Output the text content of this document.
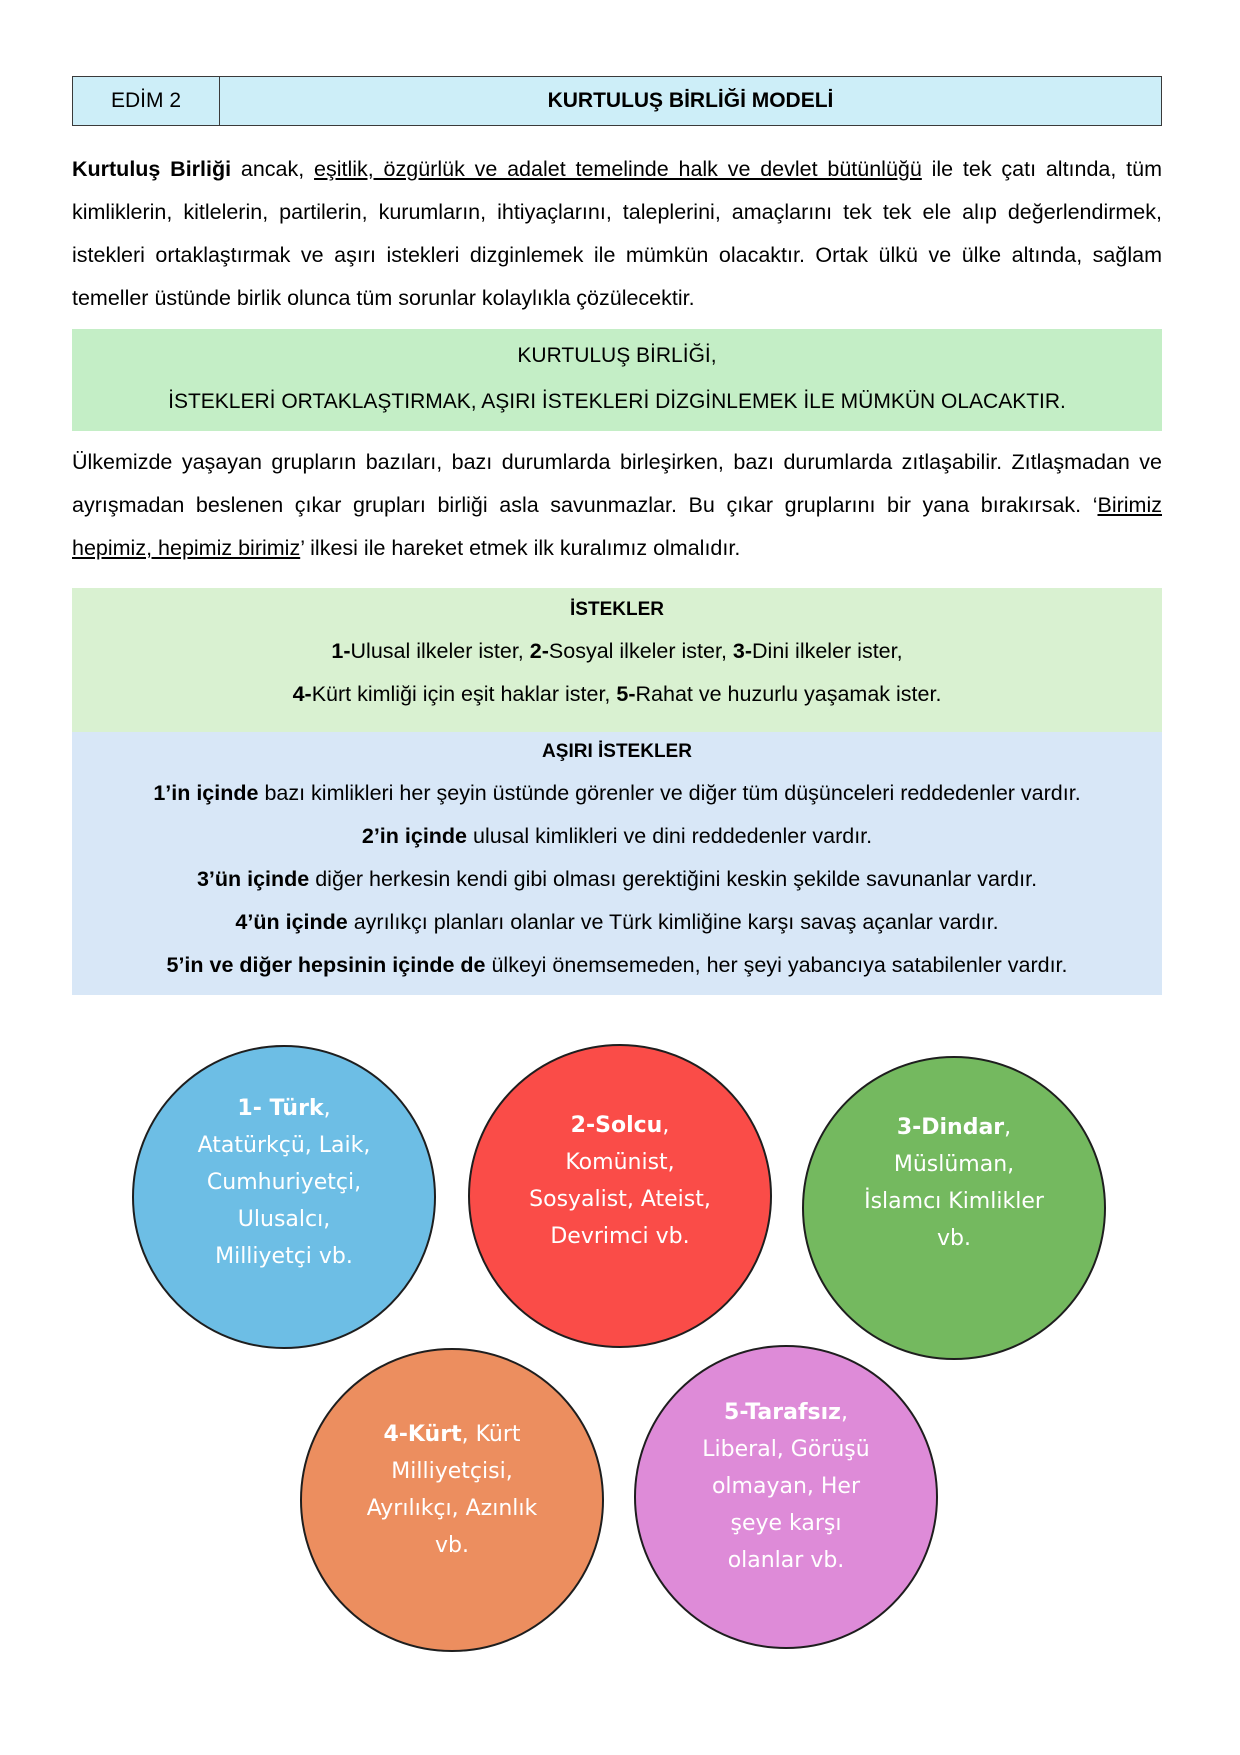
EDİM 2	KURTULUŞ BİRLİĞİ MODELİ
Kurtuluş Birliği ancak, eşitlik, özgürlük ve adalet temelinde halk ve devlet bütünlüğü ile tek çatı altında, tüm kimliklerin, kitlelerin, partilerin, kurumların, ihtiyaçlarını, taleplerini, amaçlarını tek tek ele alıp değerlendirmek, istekleri ortaklaştırmak ve aşırı istekleri dizginlemek ile mümkün olacaktır. Ortak ülkü ve ülke altında, sağlam temeller üstünde birlik olunca tüm sorunlar kolaylıkla çözülecektir.
KURTULUŞ BİRLİĞİ,
İSTEKLERİ ORTAKLAŞTIRMAK, AŞIRI İSTEKLERİ DİZGİNLEMEK İLE MÜMKÜN OLACAKTIR.
Ülkemizde yaşayan grupların bazıları, bazı durumlarda birleşirken, bazı durumlarda zıtlaşabilir. Zıtlaşmadan ve ayrışmadan beslenen çıkar grupları birliği asla savunmazlar. Bu çıkar gruplarını bir yana bırakırsak. ‘Birimiz hepimiz, hepimiz birimiz’ ilkesi ile hareket etmek ilk kuralımız olmalıdır.
İSTEKLER
1-Ulusal ilkeler ister, 2-Sosyal ilkeler ister, 3-Dini ilkeler ister,
4-Kürt kimliği için eşit haklar ister, 5-Rahat ve huzurlu yaşamak ister.
AŞIRI İSTEKLER
1’in içinde bazı kimlikleri her şeyin üstünde görenler ve diğer tüm düşünceleri reddedenler vardır.
2’in içinde ulusal kimlikleri ve dini reddedenler vardır.
3’ün içinde diğer herkesin kendi gibi olması gerektiğini keskin şekilde savunanlar vardır.
4’ün içinde ayrılıkçı planları olanlar ve Türk kimliğine karşı savaş açanlar vardır.
5’in ve diğer hepsinin içinde de ülkeyi önemsemeden, her şeyi yabancıya satabilenler vardır.
1- Türk, Atatürkçü, Laik, Cumhuriyetçi, Ulusalcı, Milliyetçi vb.
2-Solcu, Komünist, Sosyalist, Ateist, Devrimci vb.
3-Dindar, Müslüman, İslamcı Kimlikler vb.
4-Kürt, Kürt Milliyetçisi, Ayrılıkçı, Azınlık vb.
5-Tarafsız, Liberal, Görüşü olmayan, Her şeye karşı olanlar vb.
